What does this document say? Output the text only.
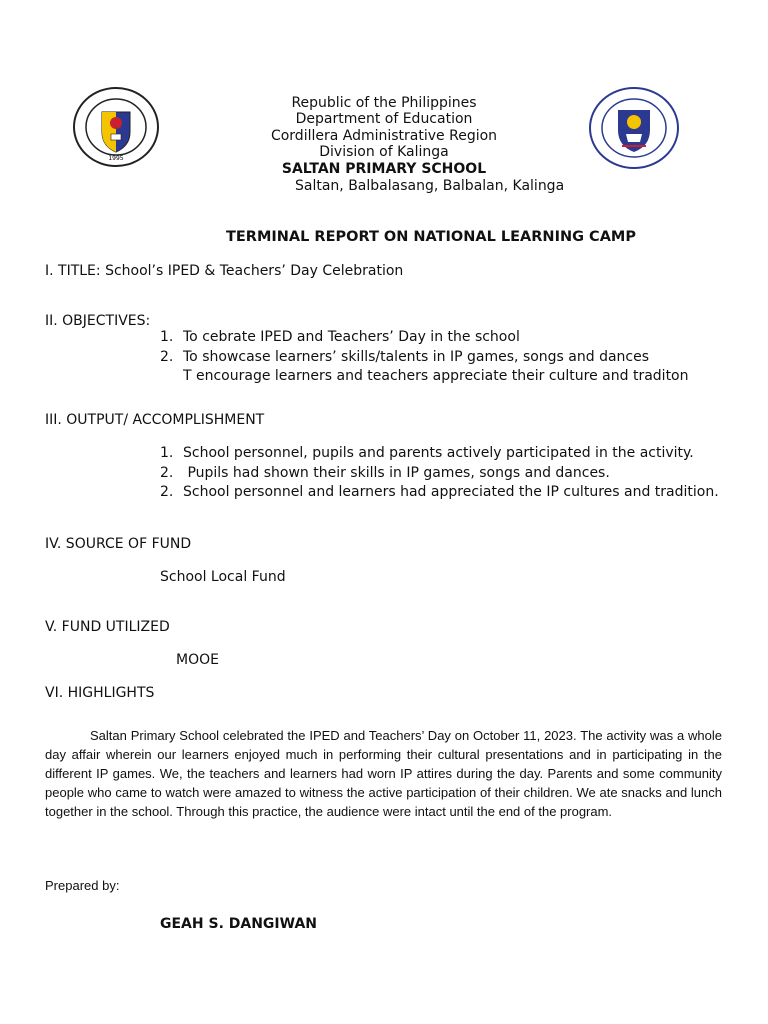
1995
Republic of the Philippines
Department of Education
Cordillera Administrative Region
Division of Kalinga
SALTAN PRIMARY SCHOOL
Saltan, Balbalasang, Balbalan, Kalinga
TERMINAL REPORT ON NATIONAL LEARNING CAMP
I. TITLE: School’s IPED & Teachers’ Day Celebration
II. OBJECTIVES:
1. To cebrate IPED and Teachers’ Day in the school
2. To showcase learners’ skills/talents in IP games, songs and dances
T encourage learners and teachers appreciate their culture and traditon
III. OUTPUT/ ACCOMPLISHMENT
1. School personnel, pupils and parents actively participated in the activity.
2. Pupils had shown their skills in IP games, songs and dances.
2. School personnel and learners had appreciated the IP cultures and tradition.
IV. SOURCE OF FUND
School Local Fund
V. FUND UTILIZED
MOOE
VI. HIGHLIGHTS
Saltan Primary School celebrated the IPED and Teachers’ Day on October 11, 2023. The activity was a whole day affair wherein our learners enjoyed much in performing their cultural presentations and in participating in the different IP games. We, the teachers and learners had worn IP attires during the day. Parents and some community people who came to watch were amazed to witness the active participation of their children. We ate snacks and lunch together in the school. Through this practice, the audience were intact until the end of the program.
Prepared by:
GEAH S. DANGIWAN
